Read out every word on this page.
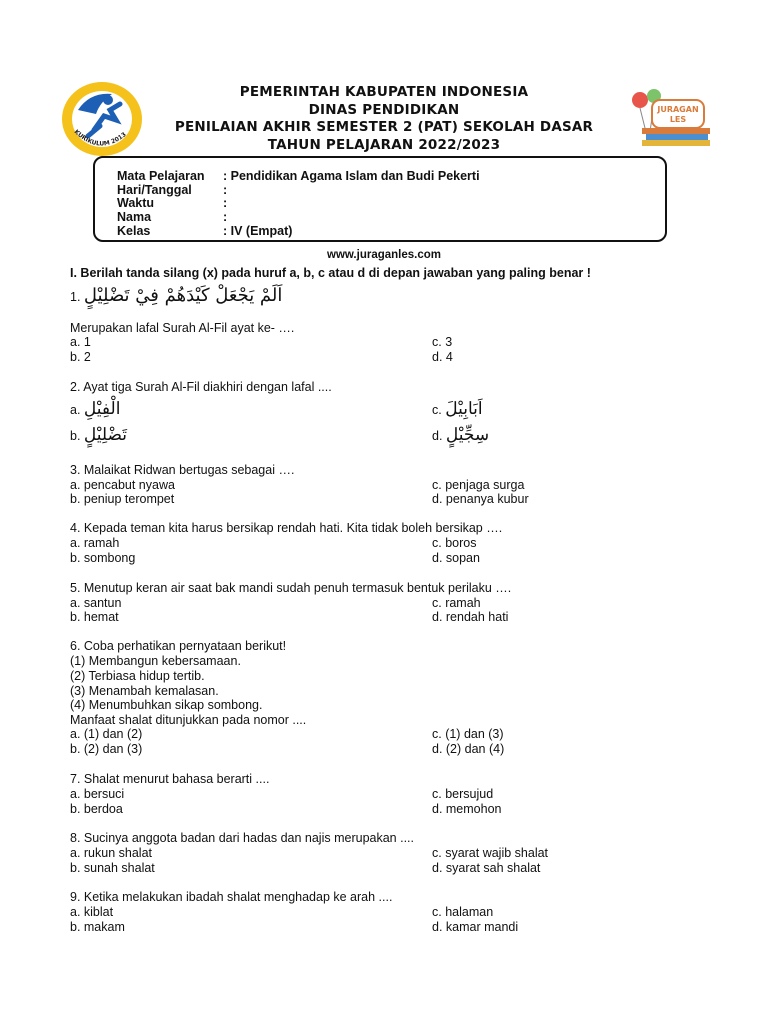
KURIKULUM 2013
JURAGAN
LES
PEMERINTAH KABUPATEN INDONESIA
DINAS PENDIDIKAN
PENILAIAN AKHIR SEMESTER 2 (PAT) SEKOLAH DASAR
TAHUN PELAJARAN 2022/2023
Mata Pelajaran : Pendidikan Agama Islam dan Budi Pekerti
Hari/Tanggal :
Waktu	:
Nama	:
Kelas	: IV (Empat)
www.juraganles.com
I. Berilah tanda silang (x) pada huruf a, b, c atau d di depan jawaban yang paling benar !
1. اَلَمْ يَجْعَلْ كَيْدَهُمْ فِيْ تَضْلِيْلٍ
Merupakan lafal Surah Al-Fil ayat ke- ….
a. 1	c. 3
b. 2	d. 4
2. Ayat tiga Surah Al-Fil diakhiri dengan lafal ....
a. الْفِيْلِ	c. اَبَابِيْلَ
b. تَضْلِيْلٍ	d. سِجِّيْلٍ
3. Malaikat Ridwan bertugas sebagai ….
a. pencabut nyawa	c. penjaga surga
b. peniup terompet	d. penanya kubur
4. Kepada teman kita harus bersikap rendah hati. Kita tidak boleh bersikap ….
a. ramah	c. boros
b. sombong	d. sopan
5. Menutup keran air saat bak mandi sudah penuh termasuk bentuk perilaku ….
a. santun	c. ramah
b. hemat	d. rendah hati
6. Coba perhatikan pernyataan berikut!
(1) Membangun kebersamaan.
(2) Terbiasa hidup tertib.
(3) Menambah kemalasan.
(4) Menumbuhkan sikap sombong.
Manfaat shalat ditunjukkan pada nomor ....
a. (1) dan (2)	c. (1) dan (3)
b. (2) dan (3)	d. (2) dan (4)
7. Shalat menurut bahasa berarti ....
a. bersuci	c. bersujud
b. berdoa	d. memohon
8. Sucinya anggota badan dari hadas dan najis merupakan ....
a. rukun shalat	c. syarat wajib shalat
b. sunah shalat	d. syarat sah shalat
9. Ketika melakukan ibadah shalat menghadap ke arah ....
a. kiblat	c. halaman
b. makam	d. kamar mandi
